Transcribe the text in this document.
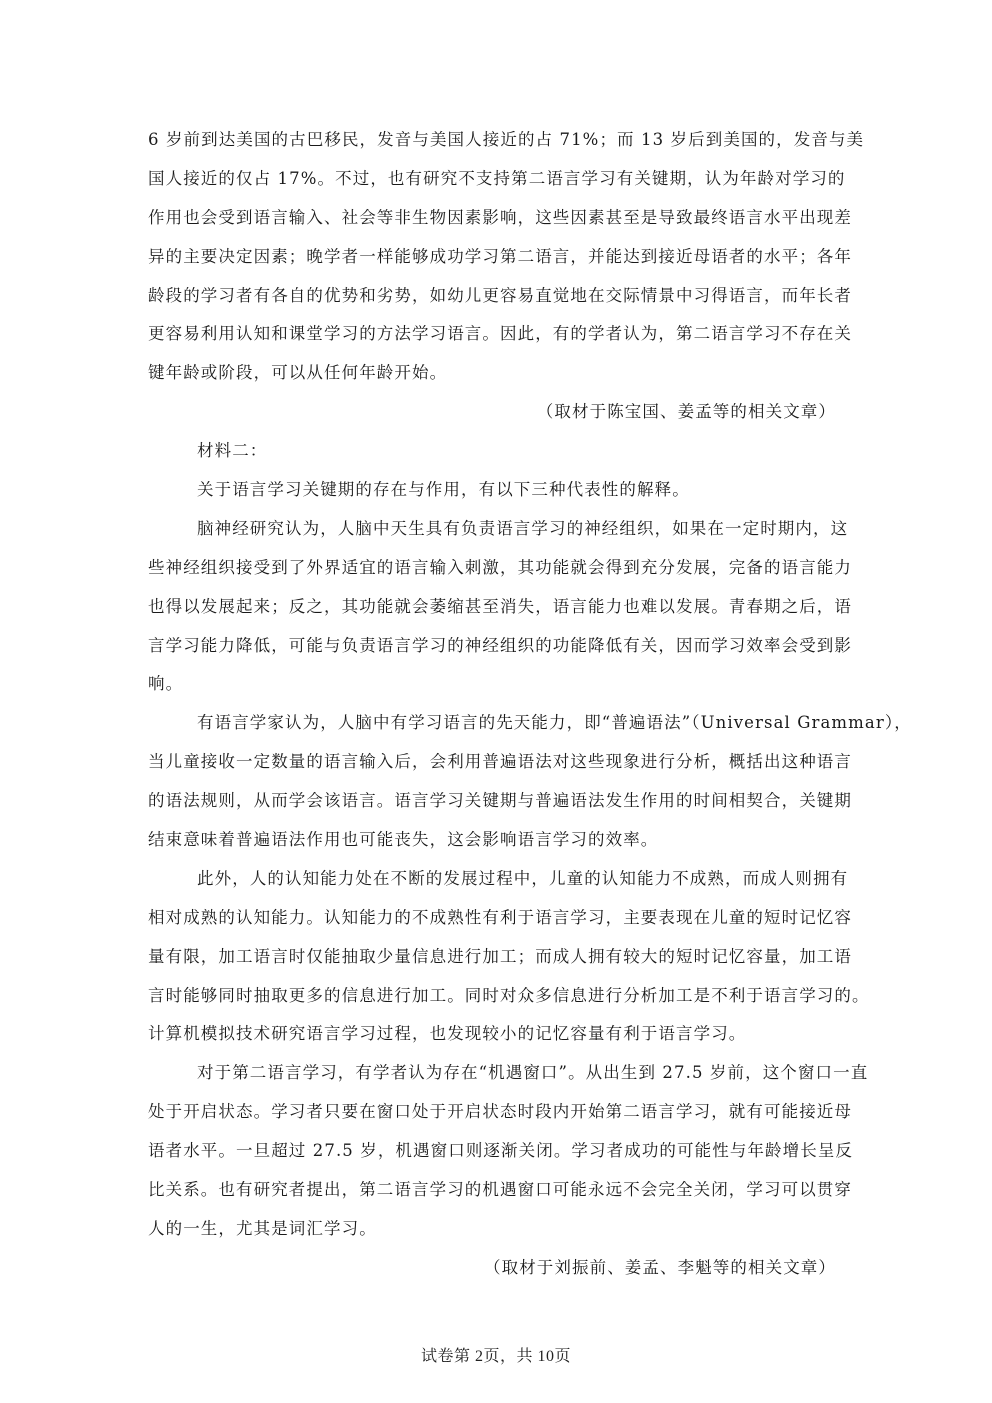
6 岁前到达美国的古巴移民，发音与美国人接近的占 71%；而 13 岁后到美国的，发音与美
国人接近的仅占 17%。不过，也有研究不支持第二语言学习有关键期，认为年龄对学习的
作用也会受到语言输入、社会等非生物因素影响，这些因素甚至是导致最终语言水平出现差
异的主要决定因素；晚学者一样能够成功学习第二语言，并能达到接近母语者的水平；各年
龄段的学习者有各自的优势和劣势，如幼儿更容易直觉地在交际情景中习得语言，而年长者
更容易利用认知和课堂学习的方法学习语言。因此，有的学者认为，第二语言学习不存在关
键年龄或阶段，可以从任何年龄开始。
（取材于陈宝国、姜孟等的相关文章）
材料二：
关于语言学习关键期的存在与作用，有以下三种代表性的解释。
脑神经研究认为，人脑中天生具有负责语言学习的神经组织，如果在一定时期内，这
些神经组织接受到了外界适宜的语言输入刺激，其功能就会得到充分发展，完备的语言能力
也得以发展起来；反之，其功能就会萎缩甚至消失，语言能力也难以发展。青春期之后，语
言学习能力降低，可能与负责语言学习的神经组织的功能降低有关，因而学习效率会受到影
响。
有语言学家认为，人脑中有学习语言的先天能力，即“普遍语法”（Universal Grammar），
当儿童接收一定数量的语言输入后，会利用普遍语法对这些现象进行分析，概括出这种语言
的语法规则，从而学会该语言。语言学习关键期与普遍语法发生作用的时间相契合，关键期
结束意味着普遍语法作用也可能丧失，这会影响语言学习的效率。
此外，人的认知能力处在不断的发展过程中，儿童的认知能力不成熟，而成人则拥有
相对成熟的认知能力。认知能力的不成熟性有利于语言学习，主要表现在儿童的短时记忆容
量有限，加工语言时仅能抽取少量信息进行加工；而成人拥有较大的短时记忆容量，加工语
言时能够同时抽取更多的信息进行加工。同时对众多信息进行分析加工是不利于语言学习的。
计算机模拟技术研究语言学习过程，也发现较小的记忆容量有利于语言学习。
对于第二语言学习，有学者认为存在“机遇窗口”。从出生到 27.5 岁前，这个窗口一直
处于开启状态。学习者只要在窗口处于开启状态时段内开始第二语言学习，就有可能接近母
语者水平。一旦超过 27.5 岁，机遇窗口则逐渐关闭。学习者成功的可能性与年龄增长呈反
比关系。也有研究者提出，第二语言学习的机遇窗口可能永远不会完全关闭，学习可以贯穿
人的一生，尤其是词汇学习。
（取材于刘振前、姜孟、李魁等的相关文章）
试卷第 2页，共 10页
